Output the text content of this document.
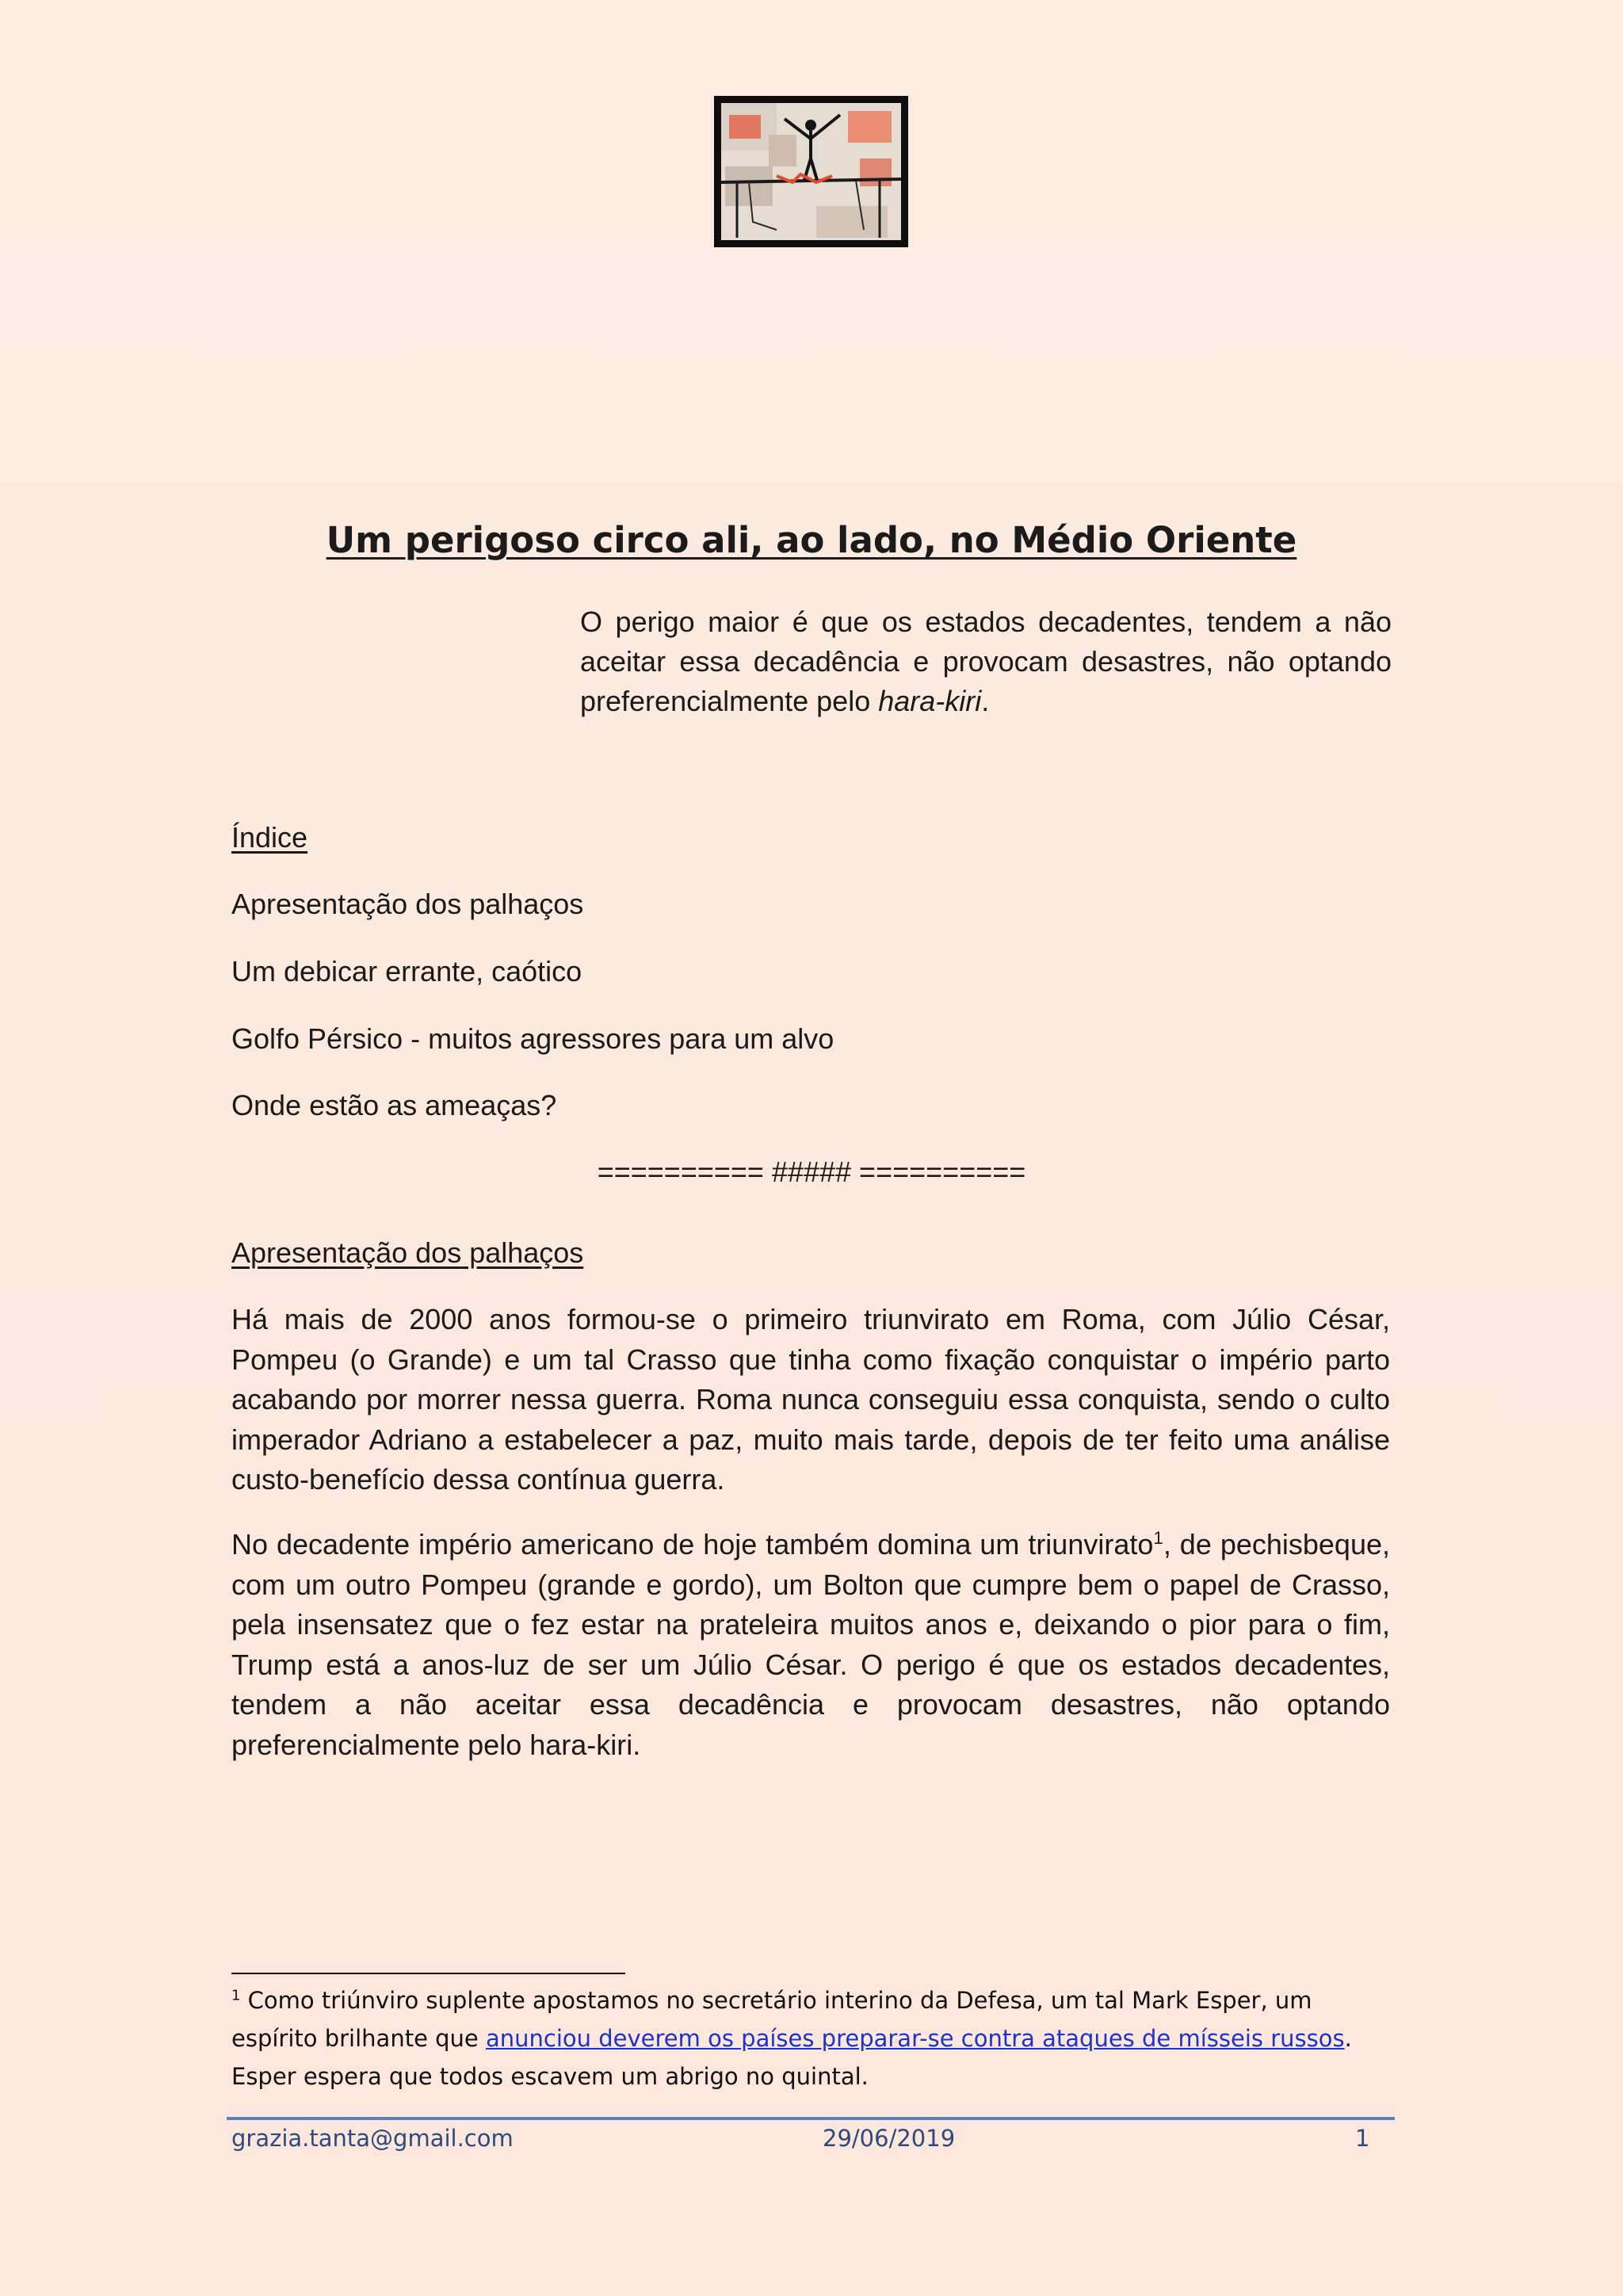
Um perigoso circo ali, ao lado, no Médio Oriente

O perigo maior é que os estados decadentes, tendem a não aceitar essa decadência e provocam desastres, não optando preferencialmente pelo hara-kiri.

Índice

Apresentação dos palhaços

Um debicar errante, caótico

Golfo Pérsico - muitos agressores para um alvo

Onde estão as ameaças?

========== ##### ==========

Apresentação dos palhaços

Há mais de 2000 anos formou-se o primeiro triunvirato em Roma, com Júlio César, Pompeu (o Grande) e um tal Crasso que tinha como fixação conquistar o império parto acabando por morrer nessa guerra. Roma nunca conseguiu essa conquista, sendo o culto imperador Adriano a estabelecer a paz, muito mais tarde, depois de ter feito uma análise custo-benefício dessa contínua guerra.

No decadente império americano de hoje também domina um triunvirato$^1$, de pechisbeque, com um outro Pompeu (grande e gordo), um Bolton que cumpre bem o papel de Crasso, pela insensatez que o fez estar na prateleira muitos anos e, deixando o pior para o fim, Trump está a anos-luz de ser um Júlio César. O perigo é que os estados decadentes, tendem a não aceitar essa decadência e provocam desastres, não optando preferencialmente pelo hara-kiri.

$^1$ Como triúnviro suplente apostamos no secretário interino da Defesa, um tal Mark Esper, um espírito brilhante que anunciou deverem os países preparar-se contra ataques de mísseis russos. Esper espera que todos escavem um abrigo no quintal.

grazia.tanta@gmail.com	29/06/2019	1
